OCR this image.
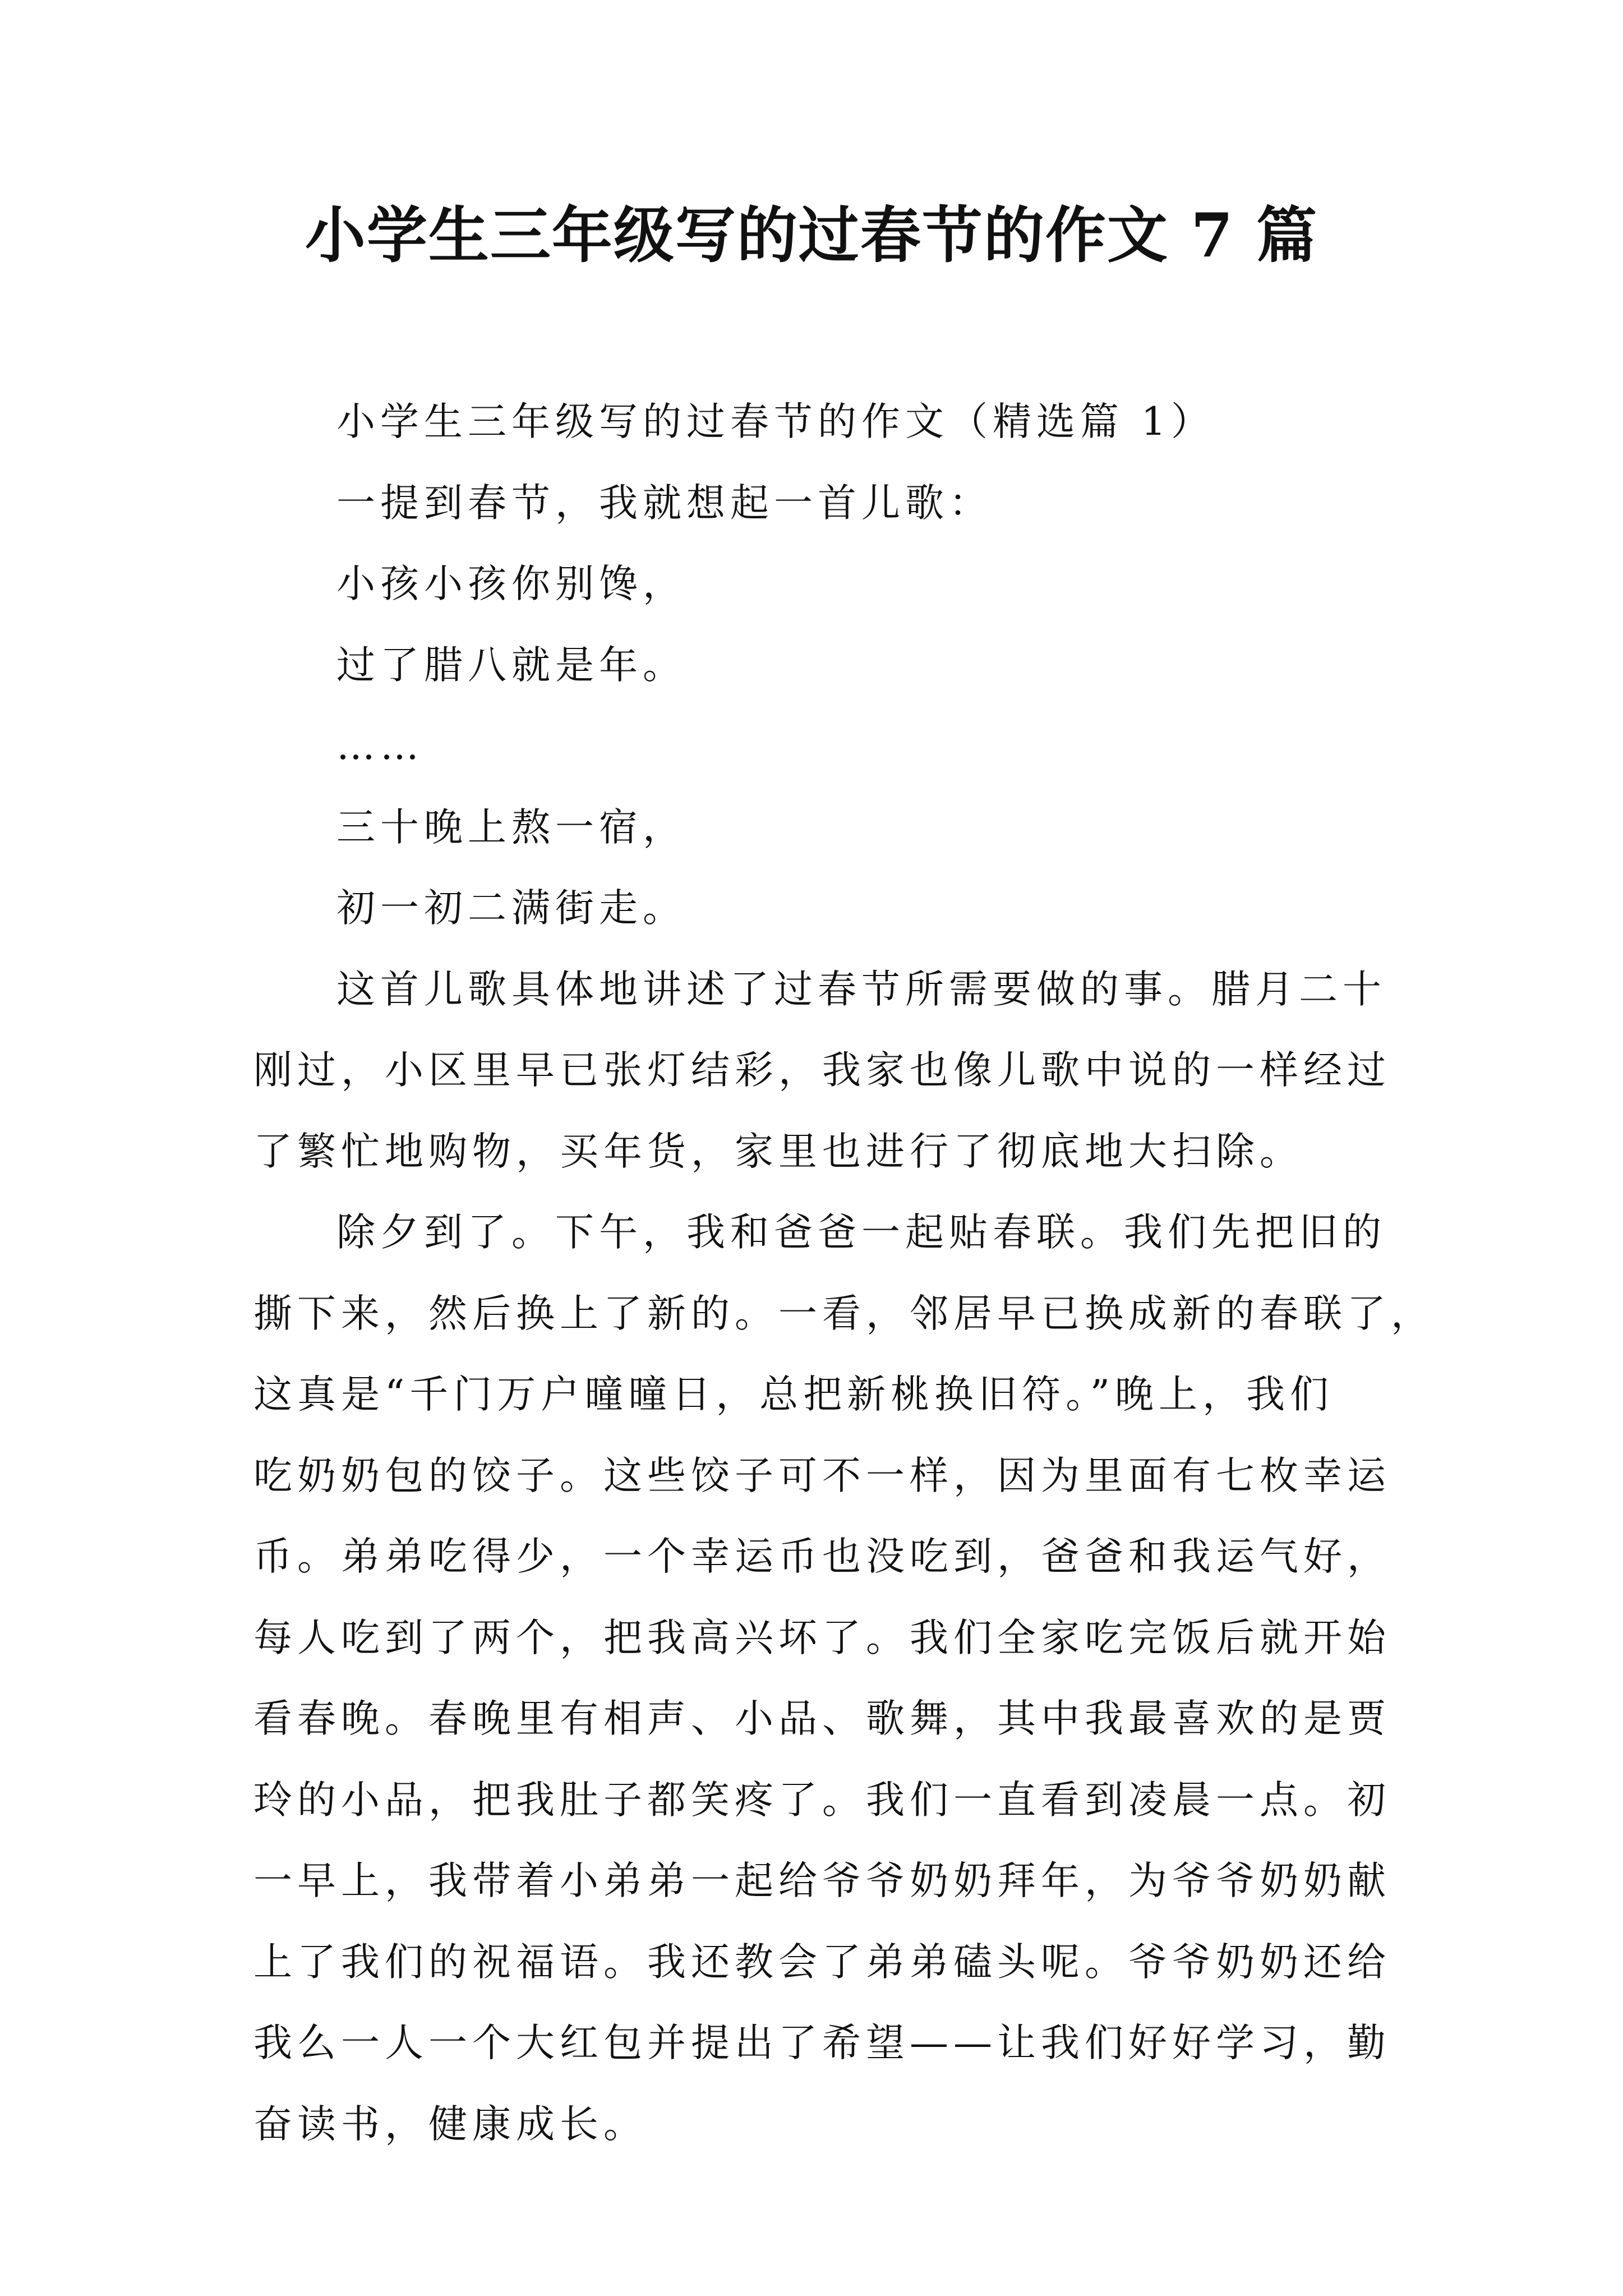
小学生三年级写的过春节的作文 7 篇
小学生三年级写的过春节的作文（精选篇 1）
一提到春节，我就想起一首儿歌：
小孩小孩你别馋，
过了腊八就是年。
……
三十晚上熬一宿，
初一初二满街走。
这首儿歌具体地讲述了过春节所需要做的事。腊月二十
刚过，小区里早已张灯结彩，我家也像儿歌中说的一样经过
了繁忙地购物，买年货，家里也进行了彻底地大扫除。
除夕到了。下午，我和爸爸一起贴春联。我们先把旧的
撕下来，然后换上了新的。一看，邻居早已换成新的春联了，
这真是“千门万户曈曈日，总把新桃换旧符。”晚上，我们
吃奶奶包的饺子。这些饺子可不一样，因为里面有七枚幸运
币。弟弟吃得少，一个幸运币也没吃到，爸爸和我运气好，
每人吃到了两个，把我高兴坏了。我们全家吃完饭后就开始
看春晚。春晚里有相声、小品、歌舞，其中我最喜欢的是贾
玲的小品，把我肚子都笑疼了。我们一直看到凌晨一点。初
一早上，我带着小弟弟一起给爷爷奶奶拜年，为爷爷奶奶献
上了我们的祝福语。我还教会了弟弟磕头呢。爷爷奶奶还给
我么一人一个大红包并提出了希望——让我们好好学习，勤
奋读书，健康成长。
